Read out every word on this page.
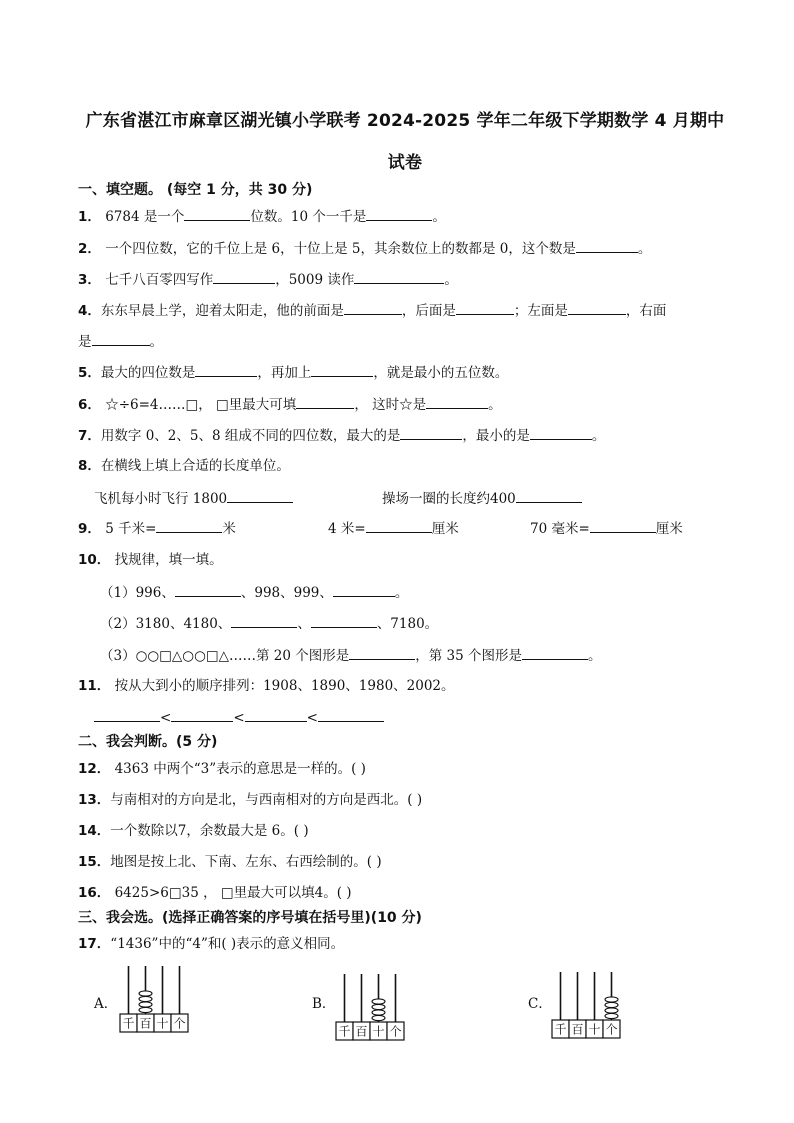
广东省湛江市麻章区湖光镇小学联考 2024-2025 学年二年级下学期数学 4 月期中
试卷
一、填空题。 (每空 1 分，共 30 分)
1． 6784 是一个	位数。10 个一千是	。
2． 一个四位数，它的千位上是 6，十位上是 5，其余数位上的数都是 0，这个数是	。
3． 七千八百零四写作	，5009 读作	。
4．东东早晨上学，迎着太阳走，他的前面是	，后面是	；左面是	，右面
是	。
5．最大的四位数是	，再加上	，就是最小的五位数。
6． ☆÷6=4……□， □里最大可填	， 这时☆是	。
7．用数字 0、2、5、8 组成不同的四位数，最大的是	，最小的是	。
8．在横线上填上合适的长度单位。
飞机每小时飞行 1800	操场一圈的长度约400
9． 5 千米=	米	4 米=	厘米	70 毫米=	厘米
10． 找规律，填一填。
（1）996、	、998、999、	。
（2）3180、4180、	、	、7180。
（3）○○□△○○□△……第 20 个图形是	，第 35 个图形是	。
11． 按从大到小的顺序排列：1908、1890、1980、2002。
<	<	<
二、我会判断。(5 分)
12． 4363 中两个“3”表示的意思是一样的。( )
13．与南相对的方向是北，与西南相对的方向是西北。( )
14．一个数除以7，余数最大是 6。( )
15．地图是按上北、下南、左东、右西绘制的。( )
16． 6425>6□35 ， □里最大可以填4。( )
三、我会选。(选择正确答案的序号填在括号里)(10 分)
17．“1436”中的“4”和( )表示的意义相同。
A．	B．	C．
千 百 十 个
千 百 十 个	千 百 十 个
